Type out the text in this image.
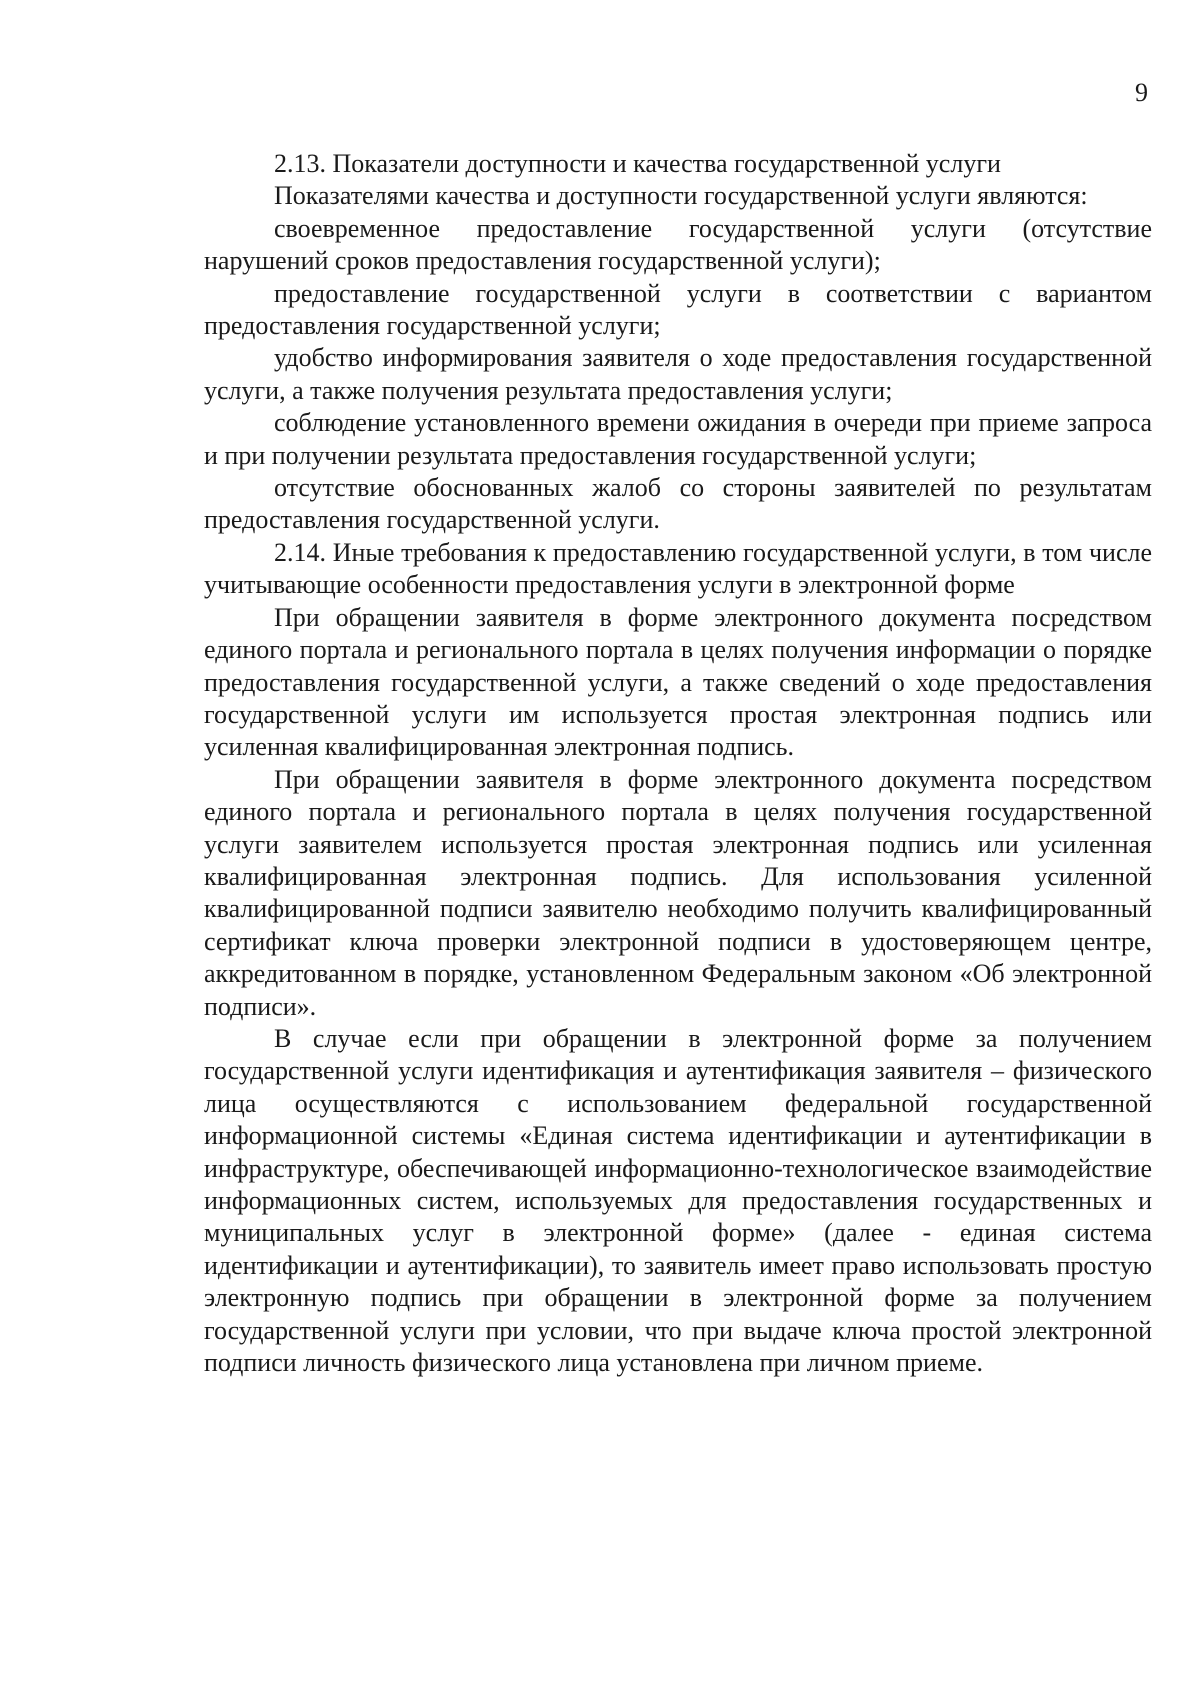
9

2.13. Показатели доступности и качества государственной услуги

Показателями качества и доступности государственной услуги являются:

своевременное предоставление государственной услуги (отсутствие нарушений сроков предоставления государственной услуги);

предоставление государственной услуги в соответствии с вариантом предоставления государственной услуги;

удобство информирования заявителя о ходе предоставления государственной услуги, а также получения результата предоставления услуги;

соблюдение установленного времени ожидания в очереди при приеме запроса и при получении результата предоставления государственной услуги;

отсутствие обоснованных жалоб со стороны заявителей по результатам предоставления государственной услуги.

2.14. Иные требования к предоставлению государственной услуги, в том числе учитывающие особенности предоставления услуги в электронной форме

При обращении заявителя в форме электронного документа посредством единого портала и регионального портала в целях получения информации о порядке предоставления государственной услуги, а также сведений о ходе предоставления государственной услуги им используется простая электронная подпись или усиленная квалифицированная электронная подпись.

При обращении заявителя в форме электронного документа посредством единого портала и регионального портала в целях получения государственной услуги заявителем используется простая электронная подпись или усиленная квалифицированная электронная подпись. Для использования усиленной квалифицированной подписи заявителю необходимо получить квалифицированный сертификат ключа проверки электронной подписи в удостоверяющем центре, аккредитованном в порядке, установленном Федеральным законом «Об электронной подписи».

В случае если при обращении в электронной форме за получением государственной услуги идентификация и аутентификация заявителя – физического лица осуществляются с использованием федеральной государственной информационной системы «Единая система идентификации и аутентификации в инфраструктуре, обеспечивающей информационно-технологическое взаимодействие информационных систем, используемых для предоставления государственных и муниципальных услуг в электронной форме» (далее - единая система идентификации и аутентификации), то заявитель имеет право использовать простую электронную подпись при обращении в электронной форме за получением государственной услуги при условии, что при выдаче ключа простой электронной подписи личность физического лица установлена при личном приеме.
